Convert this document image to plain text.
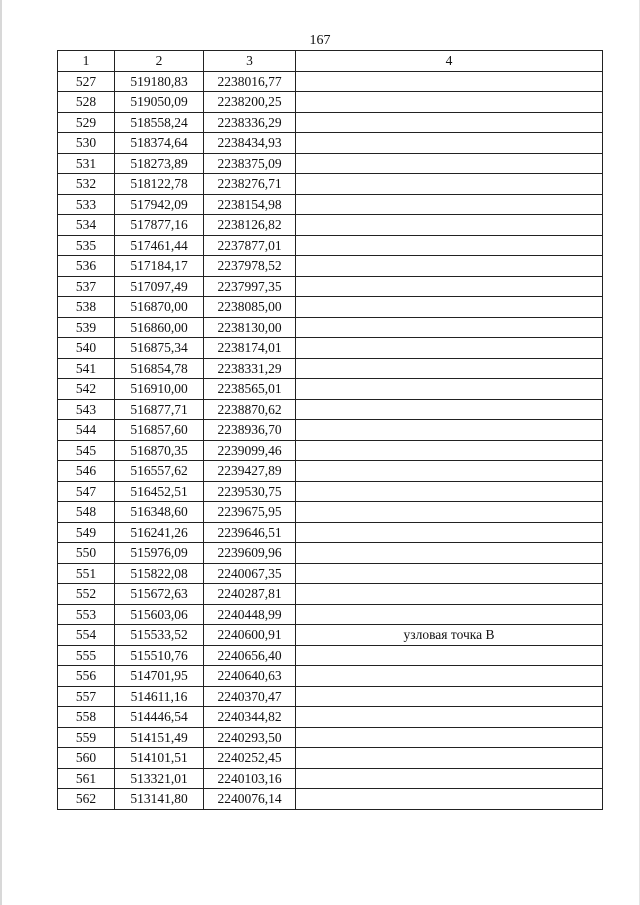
167
1	2	3	4
527	519180,83	2238016,77	
528	519050,09	2238200,25	
529	518558,24	2238336,29	
530	518374,64	2238434,93	
531	518273,89	2238375,09	
532	518122,78	2238276,71	
533	517942,09	2238154,98	
534	517877,16	2238126,82	
535	517461,44	2237877,01	
536	517184,17	2237978,52	
537	517097,49	2237997,35	
538	516870,00	2238085,00	
539	516860,00	2238130,00	
540	516875,34	2238174,01	
541	516854,78	2238331,29	
542	516910,00	2238565,01	
543	516877,71	2238870,62	
544	516857,60	2238936,70	
545	516870,35	2239099,46	
546	516557,62	2239427,89	
547	516452,51	2239530,75	
548	516348,60	2239675,95	
549	516241,26	2239646,51	
550	515976,09	2239609,96	
551	515822,08	2240067,35	
552	515672,63	2240287,81	
553	515603,06	2240448,99	
554	515533,52	2240600,91	узловая точка В
555	515510,76	2240656,40	
556	514701,95	2240640,63	
557	514611,16	2240370,47	
558	514446,54	2240344,82	
559	514151,49	2240293,50	
560	514101,51	2240252,45	
561	513321,01	2240103,16	
562	513141,80	2240076,14	
